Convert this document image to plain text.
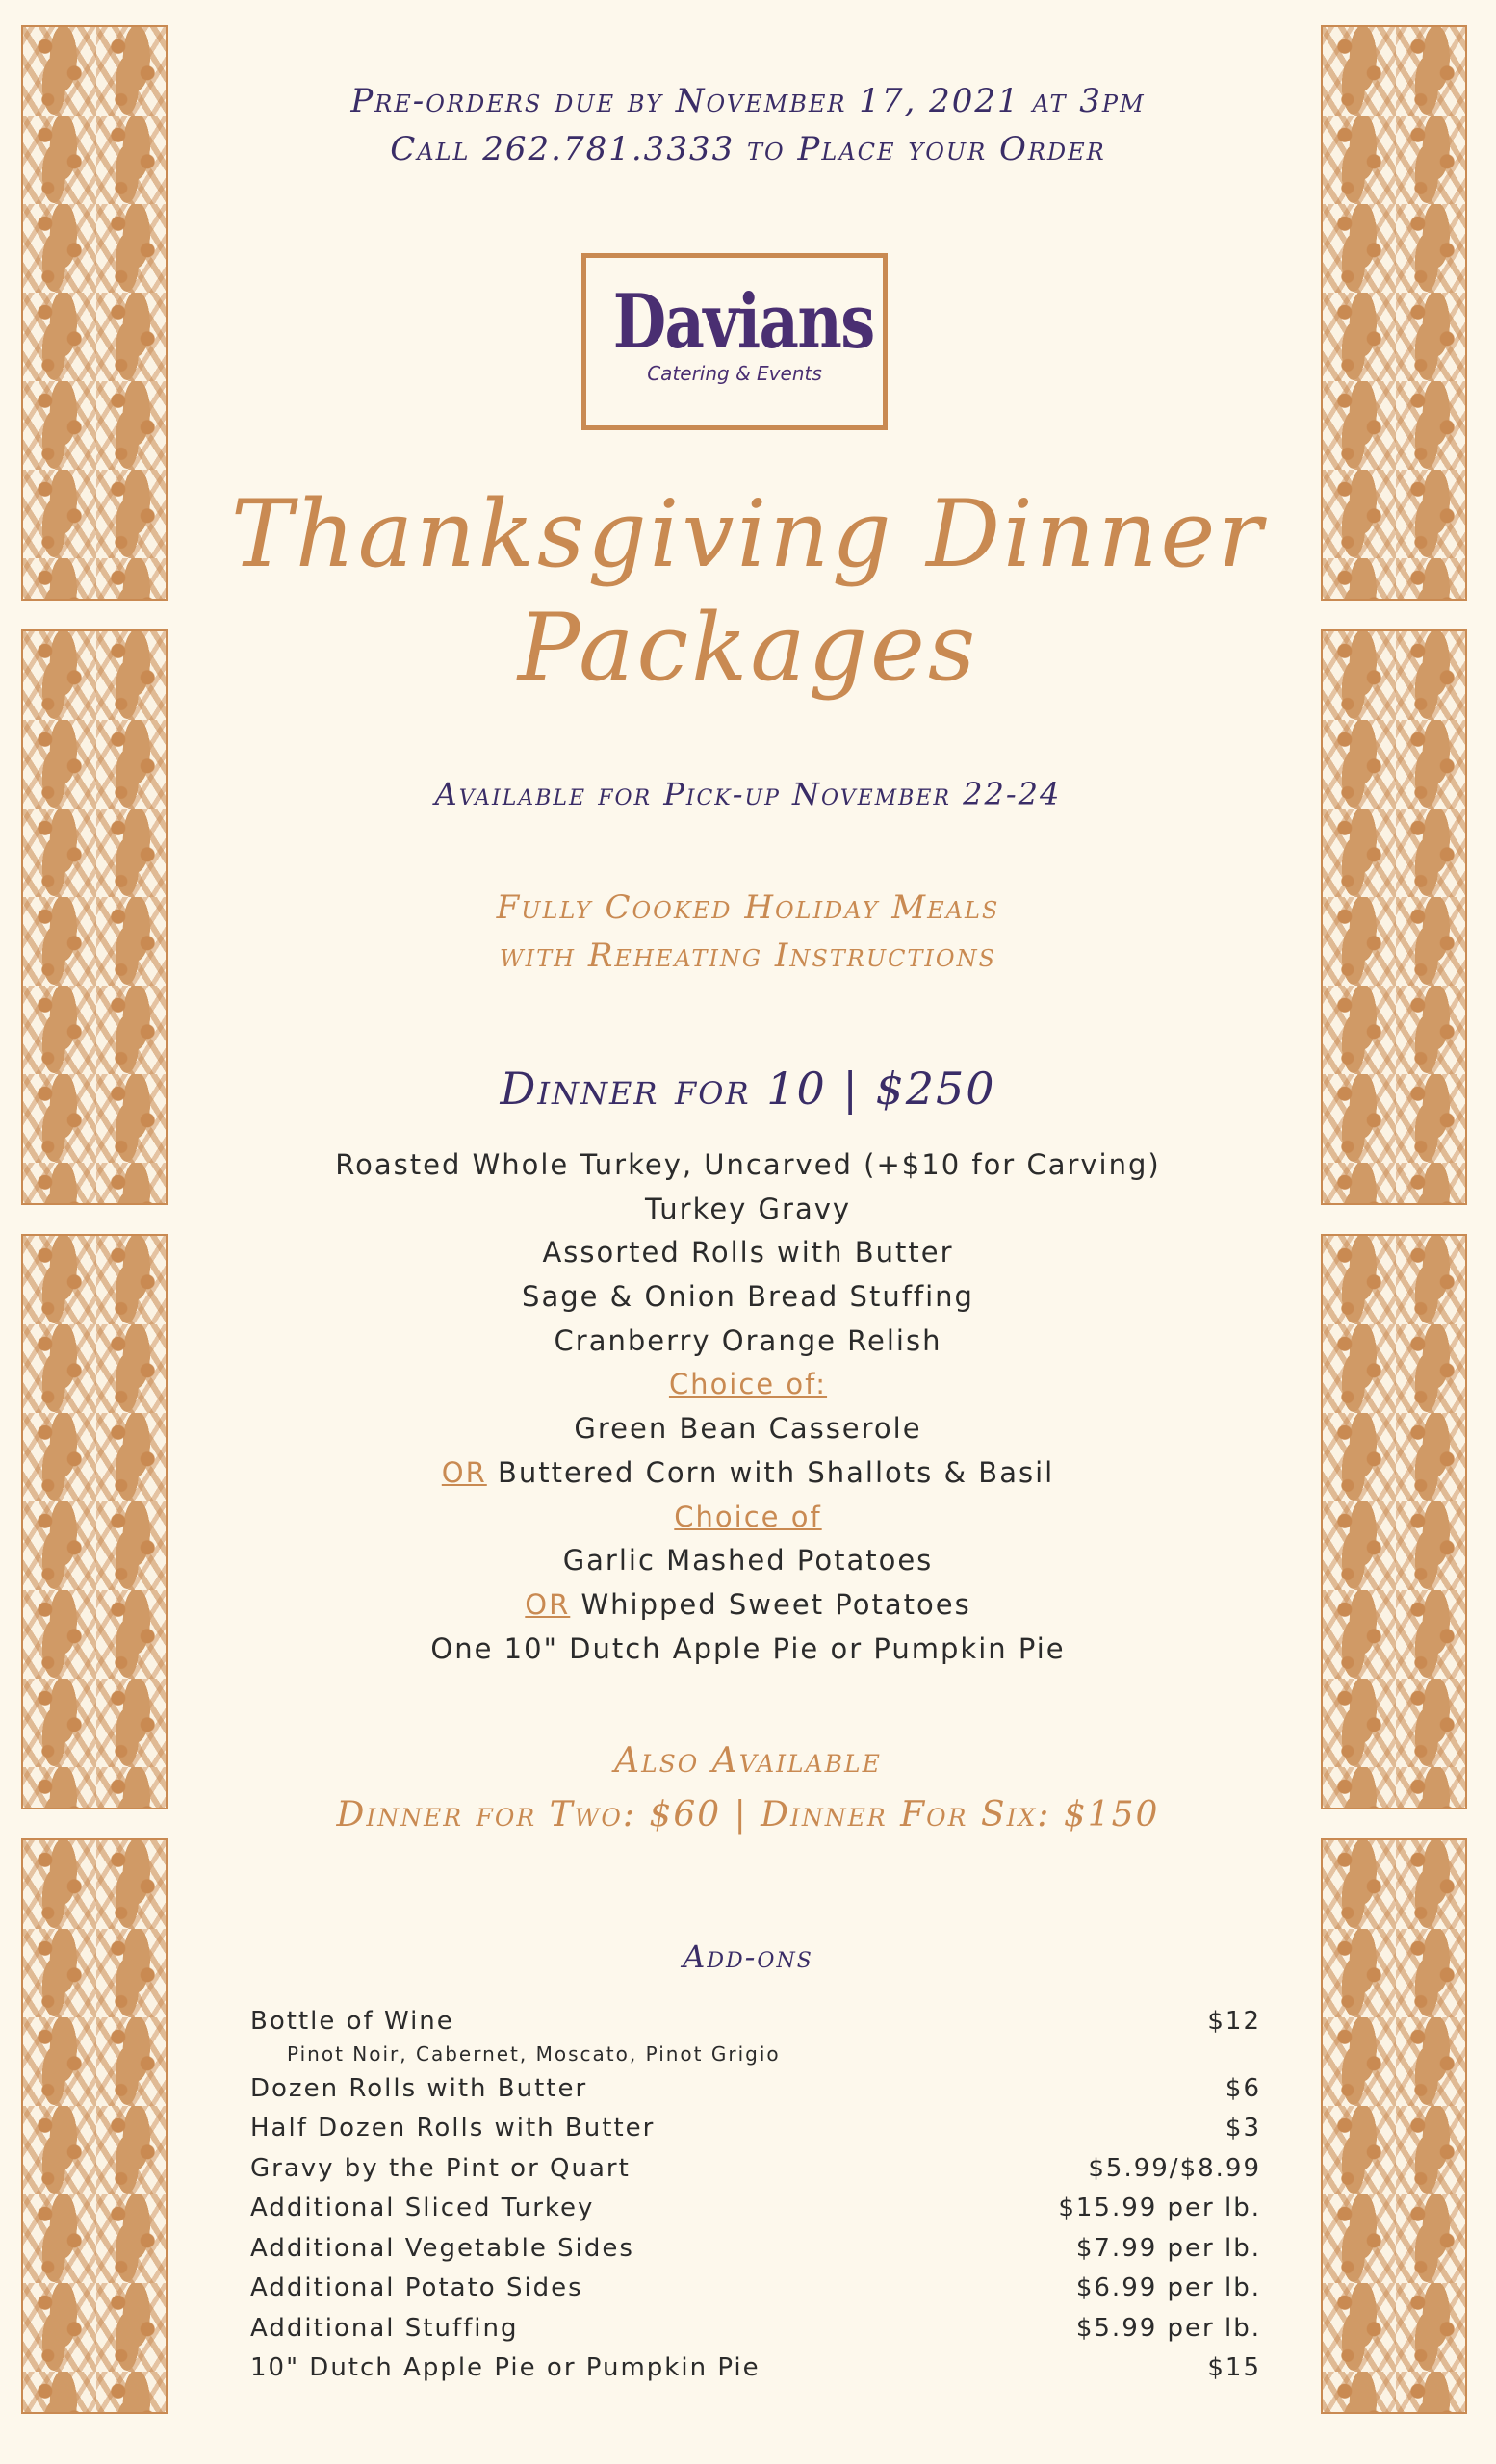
Pre-orders due by November 17, 2021 at 3pm
Call 262.781.3333 to Place your Order
Davians
Catering & Events
Thanksgiving Dinner
Packages
Available for Pick-up November 22-24
Fully Cooked Holiday Meals
with Reheating Instructions
Dinner for 10 | $250
Roasted Whole Turkey, Uncarved (+$10 for Carving)
Turkey Gravy
Assorted Rolls with Butter
Sage & Onion Bread Stuffing
Cranberry Orange Relish
Choice of:
Green Bean Casserole
OR Buttered Corn with Shallots & Basil
Choice of
Garlic Mashed Potatoes
OR Whipped Sweet Potatoes
One 10" Dutch Apple Pie or Pumpkin Pie
Also Available
Dinner for Two: $60 | Dinner For Six: $150
Add-ons
Bottle of Wine	$12
Pinot Noir, Cabernet, Moscato, Pinot Grigio
Dozen Rolls with Butter	$6
Half Dozen Rolls with Butter	$3
Gravy by the Pint or Quart	$5.99/$8.99
Additional Sliced Turkey	$15.99 per lb.
Additional Vegetable Sides	$7.99 per lb.
Additional Potato Sides	$6.99 per lb.
Additional Stuffing	$5.99 per lb.
10" Dutch Apple Pie or Pumpkin Pie	$15
